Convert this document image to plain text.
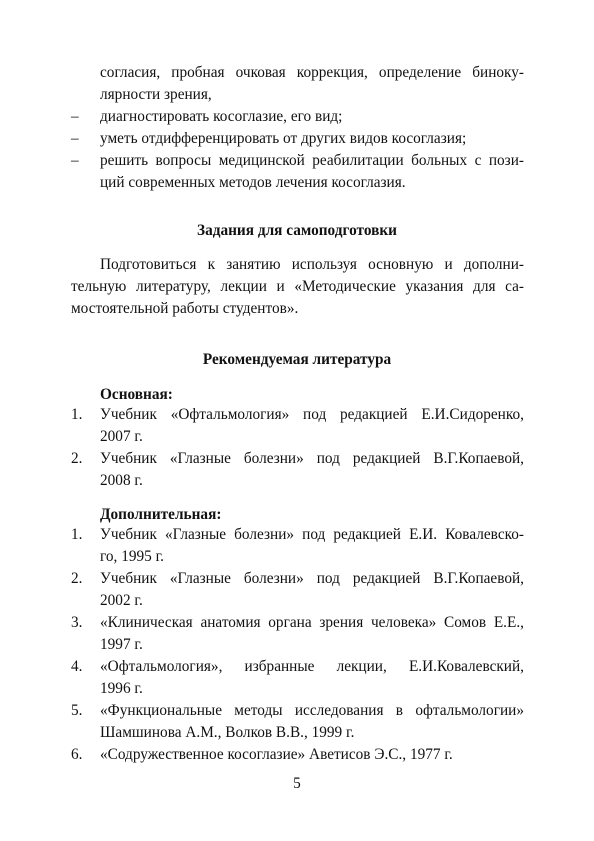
согласия, пробная очковая коррекция, определение биноку-
лярности зрения,
– диагностировать косоглазие, его вид;
– уметь отдифференцировать от других видов косоглазия;
– решить вопросы медицинской реабилитации больных с пози-
ций современных методов лечения косоглазия.
Задания для самоподготовки
Подготовиться к занятию используя основную и дополни-
тельную литературу, лекции и «Методические указания для са-
мостоятельной работы студентов».
Рекомендуемая литература
Основная:
1. Учебник «Офтальмология» под редакцией Е.И.Сидоренко,
2007 г.
2. Учебник «Глазные болезни» под редакцией В.Г.Копаевой,
2008 г.
Дополнительная:
1. Учебник «Глазные болезни» под редакцией Е.И. Ковалевско-
го, 1995 г.
2. Учебник «Глазные болезни» под редакцией В.Г.Копаевой,
2002 г.
3. «Клиническая анатомия органа зрения человека» Сомов Е.Е.,
1997 г.
4. «Офтальмология», избранные лекции, Е.И.Ковалевский,
1996 г.
5. «Функциональные методы исследования в офтальмологии»
Шамшинова А.М., Волков В.В., 1999 г.
6. «Содружественное косоглазие» Аветисов Э.С., 1977 г.
5
